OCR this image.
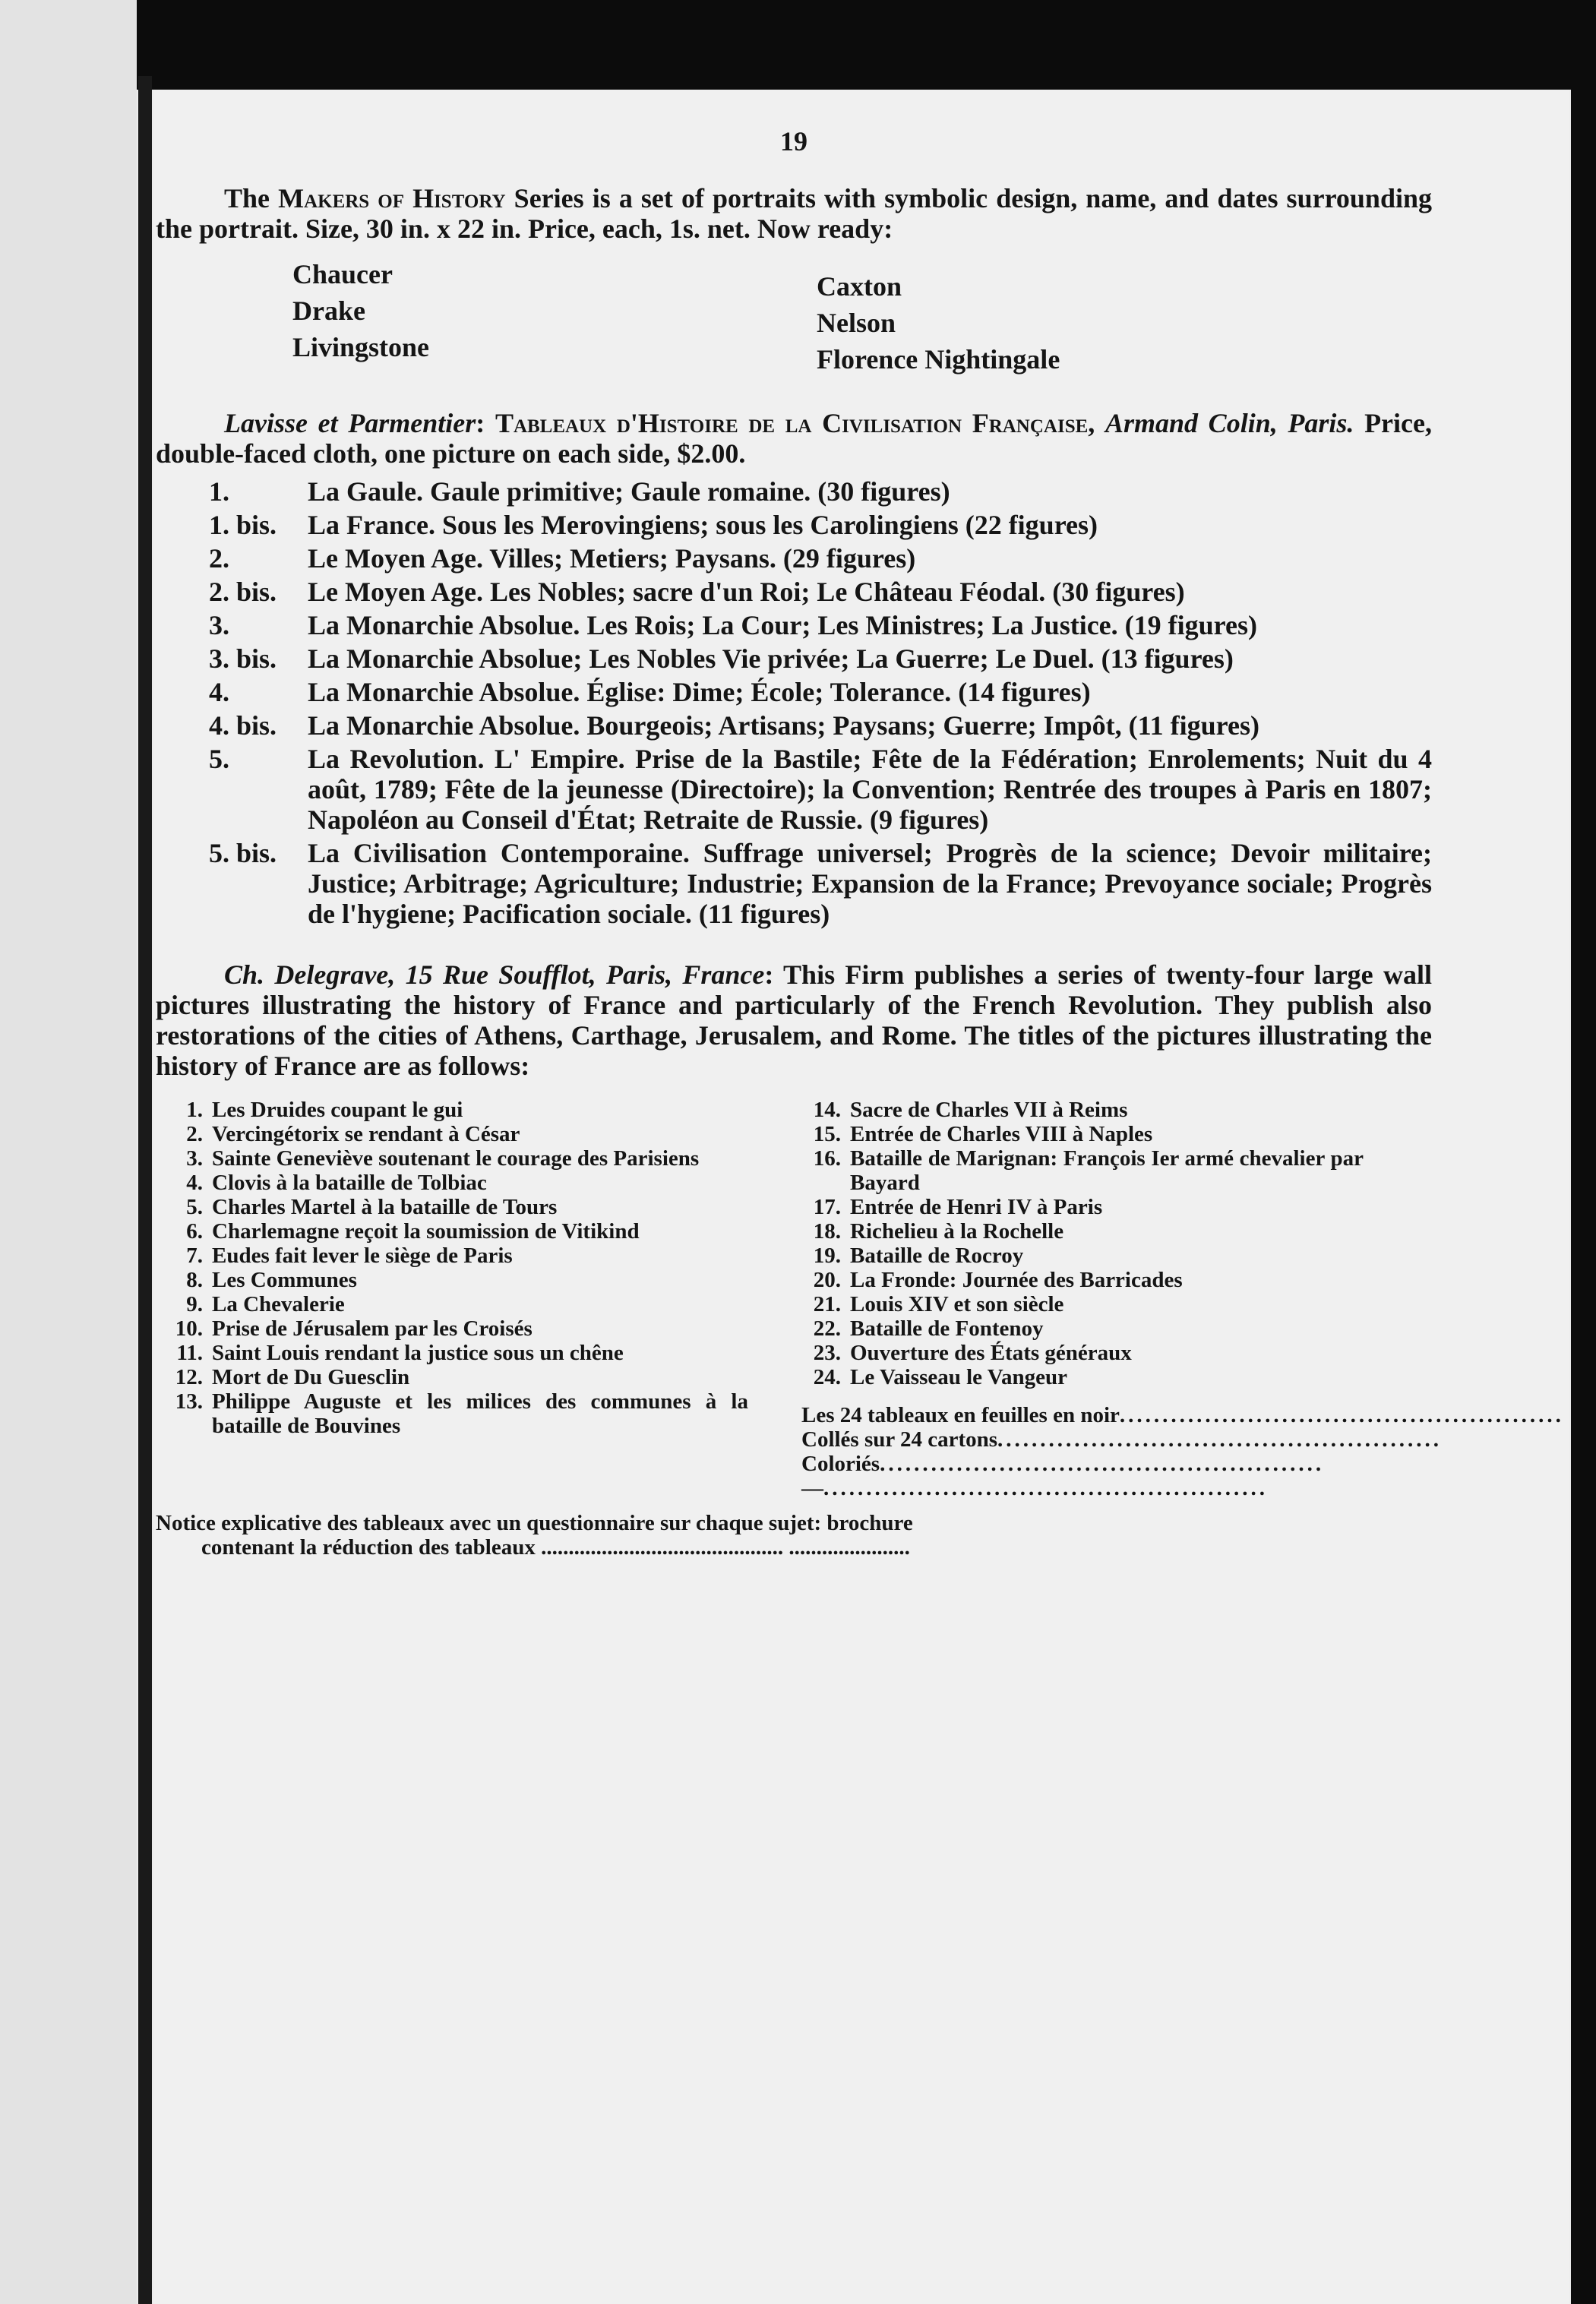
19

The Makers of History Series is a set of portraits with symbolic design, name, and dates surrounding the portrait. Size, 30 in. x 22 in. Price, each, 1s. net. Now ready:

Chaucer
Drake
Livingstone
Caxton
Nelson
Florence Nightingale

Lavisse et Parmentier: Tableaux d'Histoire de la Civilisation Française, Armand Colin, Paris. Price, double-faced cloth, one picture on each side, $2.00.

1.	La Gaule. Gaule primitive; Gaule romaine. (30 figures)
1. bis.	La France. Sous les Merovingiens; sous les Carolingiens (22 figures)
2.	Le Moyen Age. Villes; Metiers; Paysans. (29 figures)
2. bis.	Le Moyen Age. Les Nobles; sacre d'un Roi; Le Château Féodal. (30 figures)
3.	La Monarchie Absolue. Les Rois; La Cour; Les Ministres; La Justice. (19 figures)
3. bis.	La Monarchie Absolue; Les Nobles Vie privée; La Guerre; Le Duel. (13 figures)
4.	La Monarchie Absolue. Église: Dime; École; Tolerance. (14 figures)
4. bis.	La Monarchie Absolue. Bourgeois; Artisans; Paysans; Guerre; Impôt, (11 figures)
5.	La Revolution. L' Empire. Prise de la Bastile; Fête de la Fédération; Enrolements; Nuit du 4 août, 1789; Fête de la jeunesse (Directoire); la Convention; Rentrée des troupes à Paris en 1807; Napoléon au Conseil d'État; Retraite de Russie. (9 figures)
5. bis.	La Civilisation Contemporaine. Suffrage universel; Progrès de la science; Devoir militaire; Justice; Arbitrage; Agriculture; Industrie; Expansion de la France; Prevoyance sociale; Progrès de l'hygiene; Pacification sociale. (11 figures)

Ch. Delegrave, 15 Rue Soufflot, Paris, France: This Firm publishes a series of twenty-four large wall pictures illustrating the history of France and particularly of the French Revolution. They publish also restorations of the cities of Athens, Carthage, Jerusalem, and Rome. The titles of the pictures illustrating the history of France are as follows:

1. Les Druides coupant le gui
2. Vercingétorix se rendant à César
3. Sainte Geneviève soutenant le courage des Parisiens
4. Clovis à la bataille de Tolbiac
5. Charles Martel à la bataille de Tours
6. Charlemagne reçoit la soumission de Vitikind
7. Eudes fait lever le siège de Paris
8. Les Communes
9. La Chevalerie
10. Prise de Jérusalem par les Croisés
11. Saint Louis rendant la justice sous un chêne
12. Mort de Du Guesclin
13. Philippe Auguste et les milices des communes à la bataille de Bouvines
14. Sacre de Charles VII à Reims
15. Entrée de Charles VIII à Naples
16. Bataille de Marignan: François Ier armé chevalier par Bayard
17. Entrée de Henri IV à Paris
18. Richelieu à la Rochelle
19. Bataille de Rocroy
20. La Fronde: Journée des Barricades
21. Louis XIV et son siècle
22. Bataille de Fontenoy
23. Ouverture des États généraux
24. Le Vaisseau le Vangeur
Les 24 tableaux en feuilles en noir ....................................................
Collés sur 24 cartons ....................................................
Coloriés ....................................................
— ....................................................
Notice explicative des tableaux avec un questionnaire sur chaque sujet: brochure
contenant la réduction des tableaux ............................................ ......................
